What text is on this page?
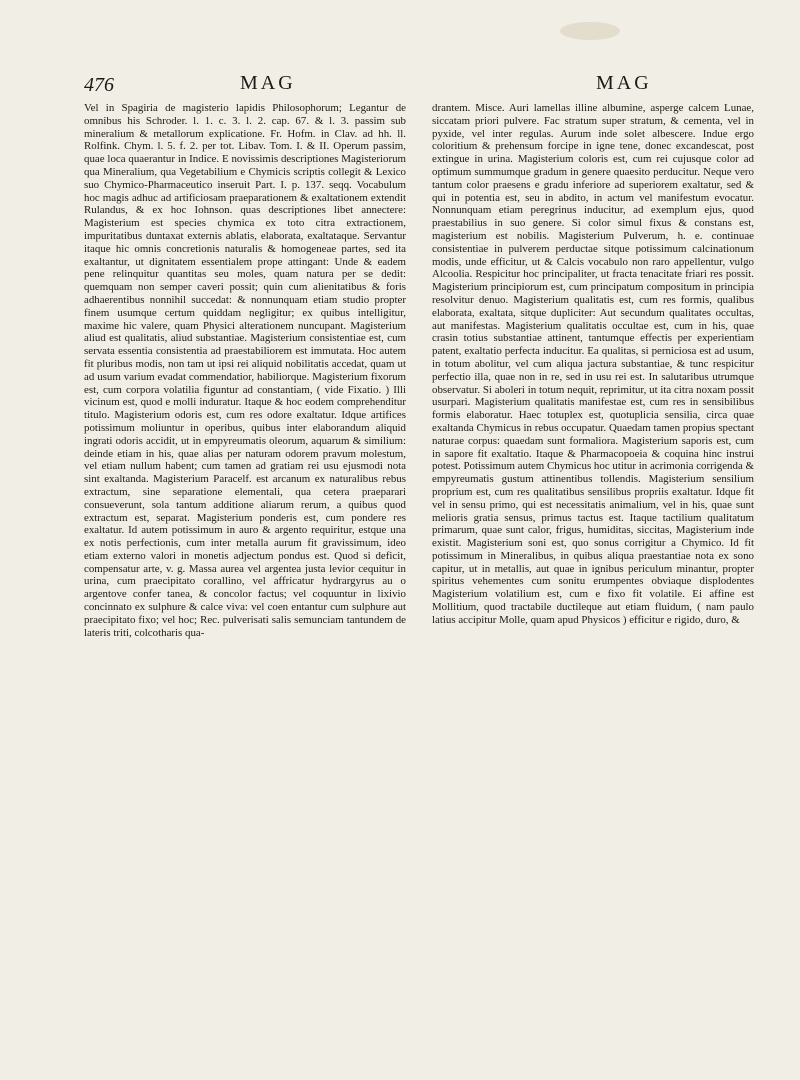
476	MAG	MAG

Vel in Spagiria de magisterio lapidis Philosophorum; Legantur de omnibus his Schroder. l. 1. c. 3. l. 2. cap. 67. & l. 3. passim sub mineralium & metallorum explicatione. Fr. Hofm. in Clav. ad hh. ll. Rolfink. Chym. l. 5. f. 2. per tot. Libav. Tom. I. & II. Operum passim, quae loca quaerantur in Indice. E novissimis descriptiones Magisteriorum qua Mineralium, qua Vegetabilium e Chymicis scriptis collegit & Lexico suo Chymico-Pharmaceutico inseruit Part. I. p. 137. seqq. Vocabulum hoc magis adhuc ad artificiosam praeparationem & exaltationem extendit Rulandus, & ex hoc Iohnson. quas descriptiones libet annectere: Magisterium est species chymica ex toto citra extractionem, impuritatibus duntaxat externis ablatis, elaborata, exaltataque. Servantur itaque hic omnis concretionis naturalis & homogeneae partes, sed ita exaltantur, ut dignitatem essentialem prope attingant: Unde & eadem pene relinquitur quantitas seu moles, quam natura per se dedit: quemquam non semper caveri possit; quin cum alienitatibus & foris adhaerentibus nonnihil succedat: & nonnunquam etiam studio propter finem usumque certum quiddam negligitur; ex quibus intelligitur, maxime hic valere, quam Physici alterationem nuncupant. Magisterium aliud est qualitatis, aliud substantiae. Magisterium consistentiae est, cum servata essentia consistentia ad praestabiliorem est immutata. Hoc autem fit pluribus modis, non tam ut ipsi rei aliquid nobilitatis accedat, quam ut ad usum varium evadat commendatior, habiliorque. Magisterium fixorum est, cum corpora volatilia figuntur ad constantiam, ( vide Fixatio. ) Illi vicinum est, quod e molli induratur. Itaque & hoc eodem comprehenditur titulo. Magisterium odoris est, cum res odore exaltatur. Idque artifices potissimum moliuntur in operibus, quibus inter elaborandum aliquid ingrati odoris accidit, ut in empyreumatis oleorum, aquarum & similium: deinde etiam in his, quae alias per naturam odorem pravum molestum, vel etiam nullum habent; cum tamen ad gratiam rei usu ejusmodi nota sint exaltanda. Magisterium Paracelf. est arcanum ex naturalibus rebus extractum, sine separatione elementali, qua cetera praeparari consueverunt, sola tantum additione aliarum rerum, a quibus quod extractum est, separat. Magisterium ponderis est, cum pondere res exaltatur. Id autem potissimum in auro & argento requiritur, estque una ex notis perfectionis, cum inter metalla aurum fit gravissimum, ideo etiam externo valori in monetis adjectum pondus est. Quod si deficit, compensatur arte, v. g. Massa aurea vel argentea justa levior cequitur in urina, cum praecipitato corallino, vel affricatur hydrargyrus au o argentove confer tanea, & concolor factus; vel coquuntur in lixivio concinnato ex sulphure & calce viva: vel coen entantur cum sulphure aut praecipitato fixo; vel hoc; Rec. pulverisati salis semunciam tantundem de lateris triti, colcotharis qua-

drantem. Misce. Auri lamellas illine albumine, asperge calcem Lunae, siccatam priori pulvere. Fac stratum super stratum, & cementa, vel in pyxide, vel inter regulas. Aurum inde solet albescere. Indue ergo coloritium & prehensum forcipe in igne tene, donec excandescat, post extingue in urina. Magisterium coloris est, cum rei cujusque color ad optimum summumque gradum in genere quaesito perducitur. Neque vero tantum color praesens e gradu inferiore ad superiorem exaltatur, sed & qui in potentia est, seu in abdito, in actum vel manifestum evocatur. Nonnunquam etiam peregrinus inducitur, ad exemplum ejus, quod praestabilius in suo genere. Si color simul fixus & constans est, magisterium est nobilis. Magisterium Pulverum, h. e. continuae consistentiae in pulverem perductae sitque potissimum calcinationum modis, unde efficitur, ut & Calcis vocabulo non raro appellentur, vulgo Alcoolia. Respicitur hoc principaliter, ut fracta tenacitate friari res possit. Magisterium principiorum est, cum principatum compositum in principia resolvitur denuo. Magisterium qualitatis est, cum res formis, qualibus elaborata, exaltata, sitque dupliciter: Aut secundum qualitates occultas, aut manifestas. Magisterium qualitatis occultae est, cum in his, quae crasin totius substantiae attinent, tantumque effectis per experientiam patent, exaltatio perfecta inducitur. Ea qualitas, si perniciosa est ad usum, in totum abolitur, vel cum aliqua jactura substantiae, & tunc respicitur perfectio illa, quae non in re, sed in usu rei est. In salutaribus utrumque observatur. Si aboleri in totum nequit, reprimitur, ut ita citra noxam possit usurpari. Magisterium qualitatis manifestae est, cum res in sensibilibus formis elaboratur. Haec totuplex est, quotuplicia sensilia, circa quae exaltanda Chymicus in rebus occupatur. Quaedam tamen propius spectant naturae corpus: quaedam sunt formaliora. Magisterium saporis est, cum in sapore fit exaltatio. Itaque & Pharmacopoeia & coquina hinc instrui potest. Potissimum autem Chymicus hoc utitur in acrimonia corrigenda & empyreumatis gustum attinentibus tollendis. Magisterium sensilium proprium est, cum res qualitatibus sensilibus propriis exaltatur. Idque fit vel in sensu primo, qui est necessitatis animalium, vel in his, quae sunt melioris gratia sensus, primus tactus est. Itaque tactilium qualitatum primarum, quae sunt calor, frigus, humiditas, siccitas, Magisterium inde existit. Magisterium soni est, quo sonus corrigitur a Chymico. Id fit potissimum in Mineralibus, in quibus aliqua praestantiae nota ex sono capitur, ut in metallis, aut quae in ignibus periculum minantur, propter spiritus vehementes cum sonitu erumpentes obviaque displodentes Magisterium volatilium est, cum e fixo fit volatile. Ei affine est Mollitium, quod tractabile ductileque aut etiam fluidum, ( nam paulo latius accipitur Molle, quam apud Physicos ) efficitur e rigido, duro, &
